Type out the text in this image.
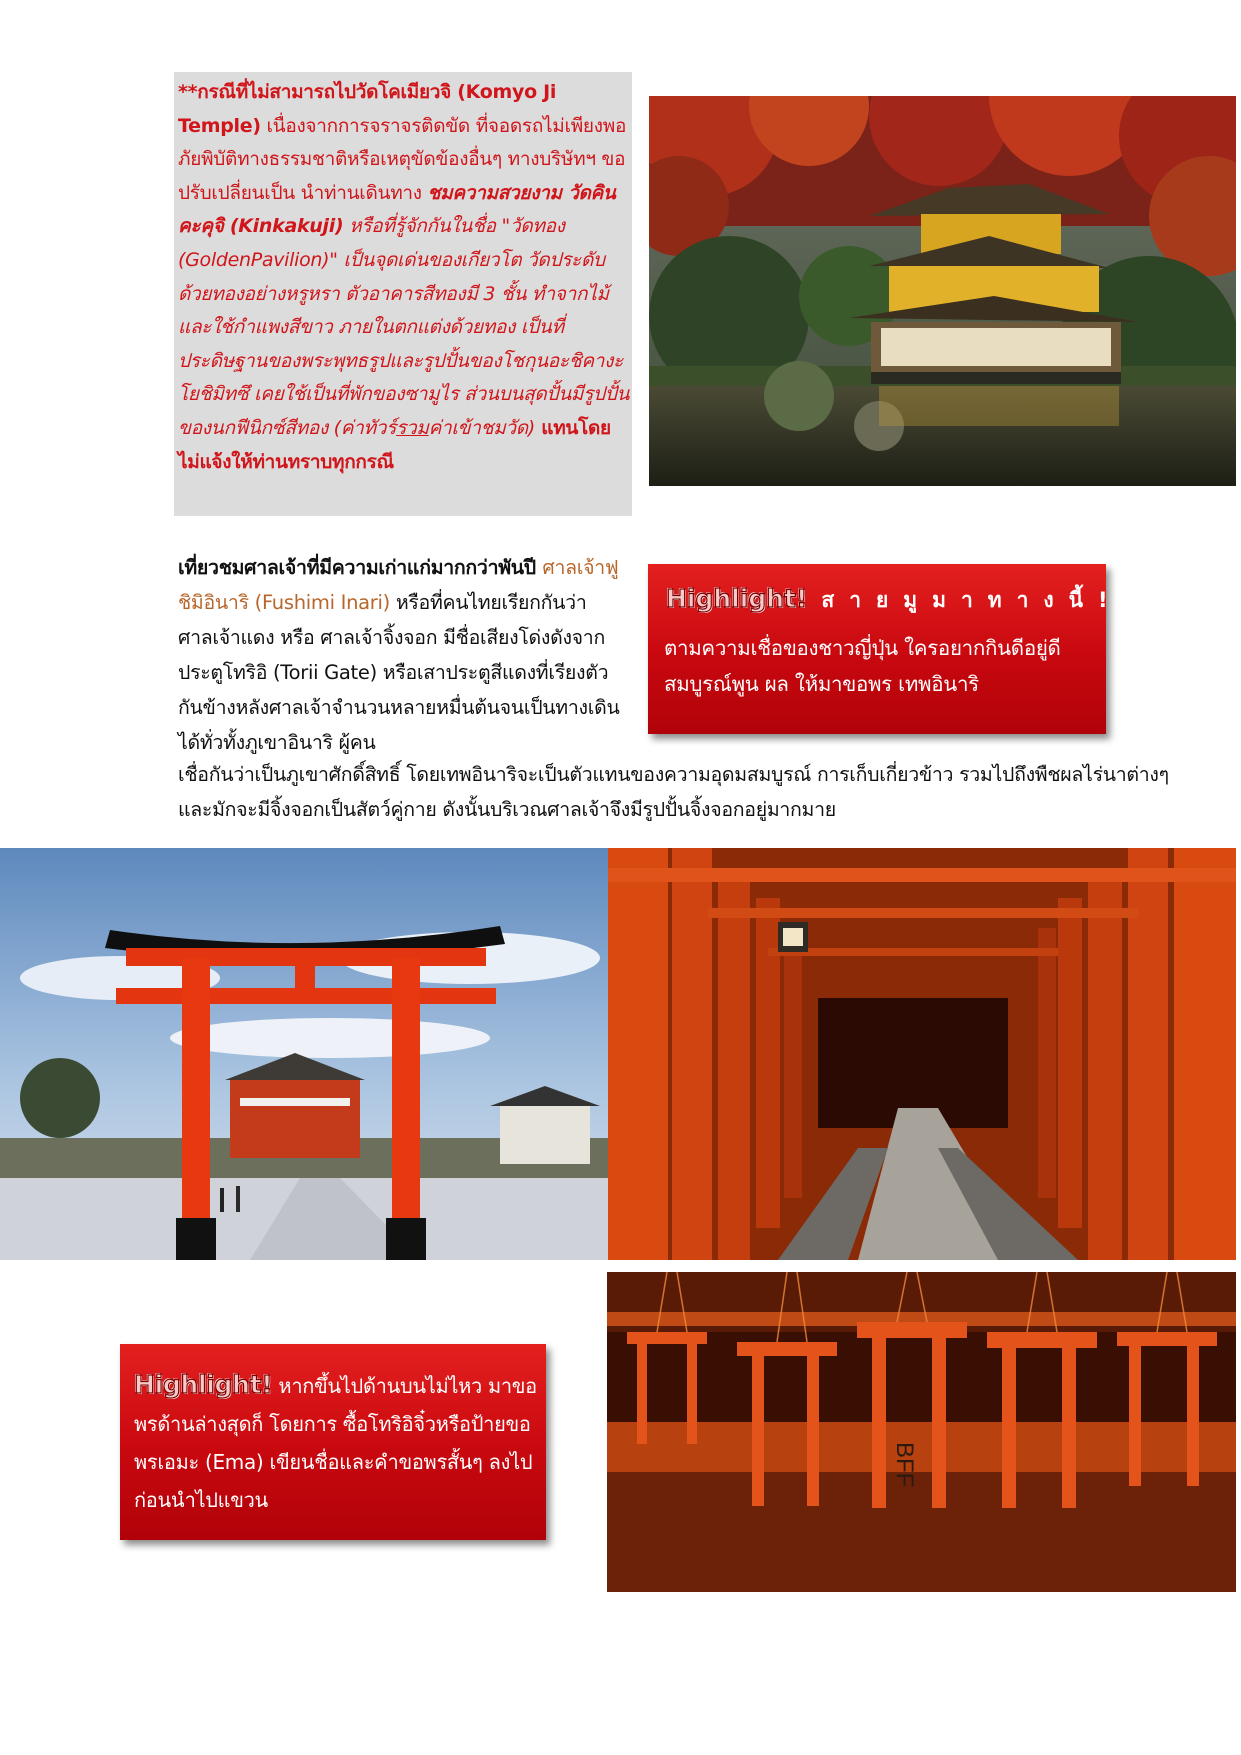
**กรณีที่ไม่สามารถไปวัดโคเมียวจิ (Komyo Ji Temple) เนื่องจากการจราจรติดขัด ที่จอดรถไม่เพียงพอ ภัยพิบัติทางธรรมชาติหรือเหตุขัดข้องอื่นๆ ทางบริษัทฯ ขอปรับเปลี่ยนเป็น นำท่านเดินทาง ชมความสวยงาม วัดคินคะคุจิ (Kinkakuji) หรือที่รู้จักกันในชื่อ "วัดทอง (GoldenPavilion)" เป็นจุดเด่นของเกียวโต วัดประดับด้วยทองอย่างหรูหรา ตัวอาคารสีทองมี 3 ชั้น ทำจากไม้และใช้กำแพงสีขาว ภายในตกแต่งด้วยทอง เป็นที่ประดิษฐานของพระพุทธรูปและรูปปั้นของโชกุนอะชิคางะ โยชิมิทซึ เคยใช้เป็นที่พักของซามูไร ส่วนบนสุดปั้นมีรูปปั้นของนกฟีนิกซ์สีทอง (ค่าทัวร์รวมค่าเข้าชมวัด) แทนโดยไม่แจ้งให้ท่านทราบทุกกรณี
เที่ยวชมศาลเจ้าที่มีความเก่าแก่มากกว่าพันปี ศาลเจ้าฟูชิมิอินาริ (Fushimi Inari) หรือที่คนไทยเรียกกันว่า ศาลเจ้าแดง หรือ ศาลเจ้าจิ้งจอก มีชื่อเสียงโด่งดังจากประตูโทริอิ (Torii Gate) หรือเสาประตูสีแดงที่เรียงตัวกันข้างหลังศาลเจ้าจำนวนหลายหมื่นต้นจนเป็นทางเดินได้ทั่วทั้งภูเขาอินาริ ผู้คน
เชื่อกันว่าเป็นภูเขาศักดิ์สิทธิ์ โดยเทพอินาริจะเป็นตัวแทนของความอุดมสมบูรณ์ การเก็บเกี่ยวข้าว รวมไปถึงพืชผลไร่นาต่างๆ และมักจะมีจิ้งจอกเป็นสัตว์คู่กาย ดังนั้นบริเวณศาลเจ้าจึงมีรูปปั้นจิ้งจอกอยู่มากมาย
Highlight! สายมูมาทางนี้!
ตามความเชื่อของชาวญี่ปุ่น ใครอยากกินดีอยู่ดี สมบูรณ์พูน ผล ให้มาขอพร เทพอินาริ
Highlight! หากขึ้นไปด้านบนไม่ไหว มาขอพรด้านล่างสุดก็ โดยการ ซื้อโทริอิจิ๋วหรือป้ายขอพรเอมะ (Ema) เขียนชื่อและคำขอพรสั้นๆ ลงไปก่อนนำไปแขวน
BFF
